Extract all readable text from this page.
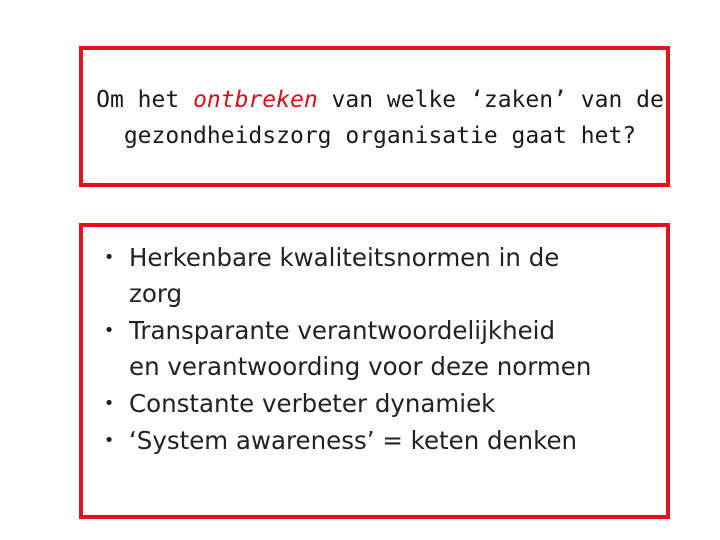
Om het ontbreken van welke ‘zaken’ van de
gezondheidszorg organisatie gaat het?
• Herkenbare kwaliteitsnormen in de
zorg
• Transparante verantwoordelijkheid
en verantwoording voor deze normen
• Constante verbeter dynamiek
• ‘System awareness’ = keten denken
